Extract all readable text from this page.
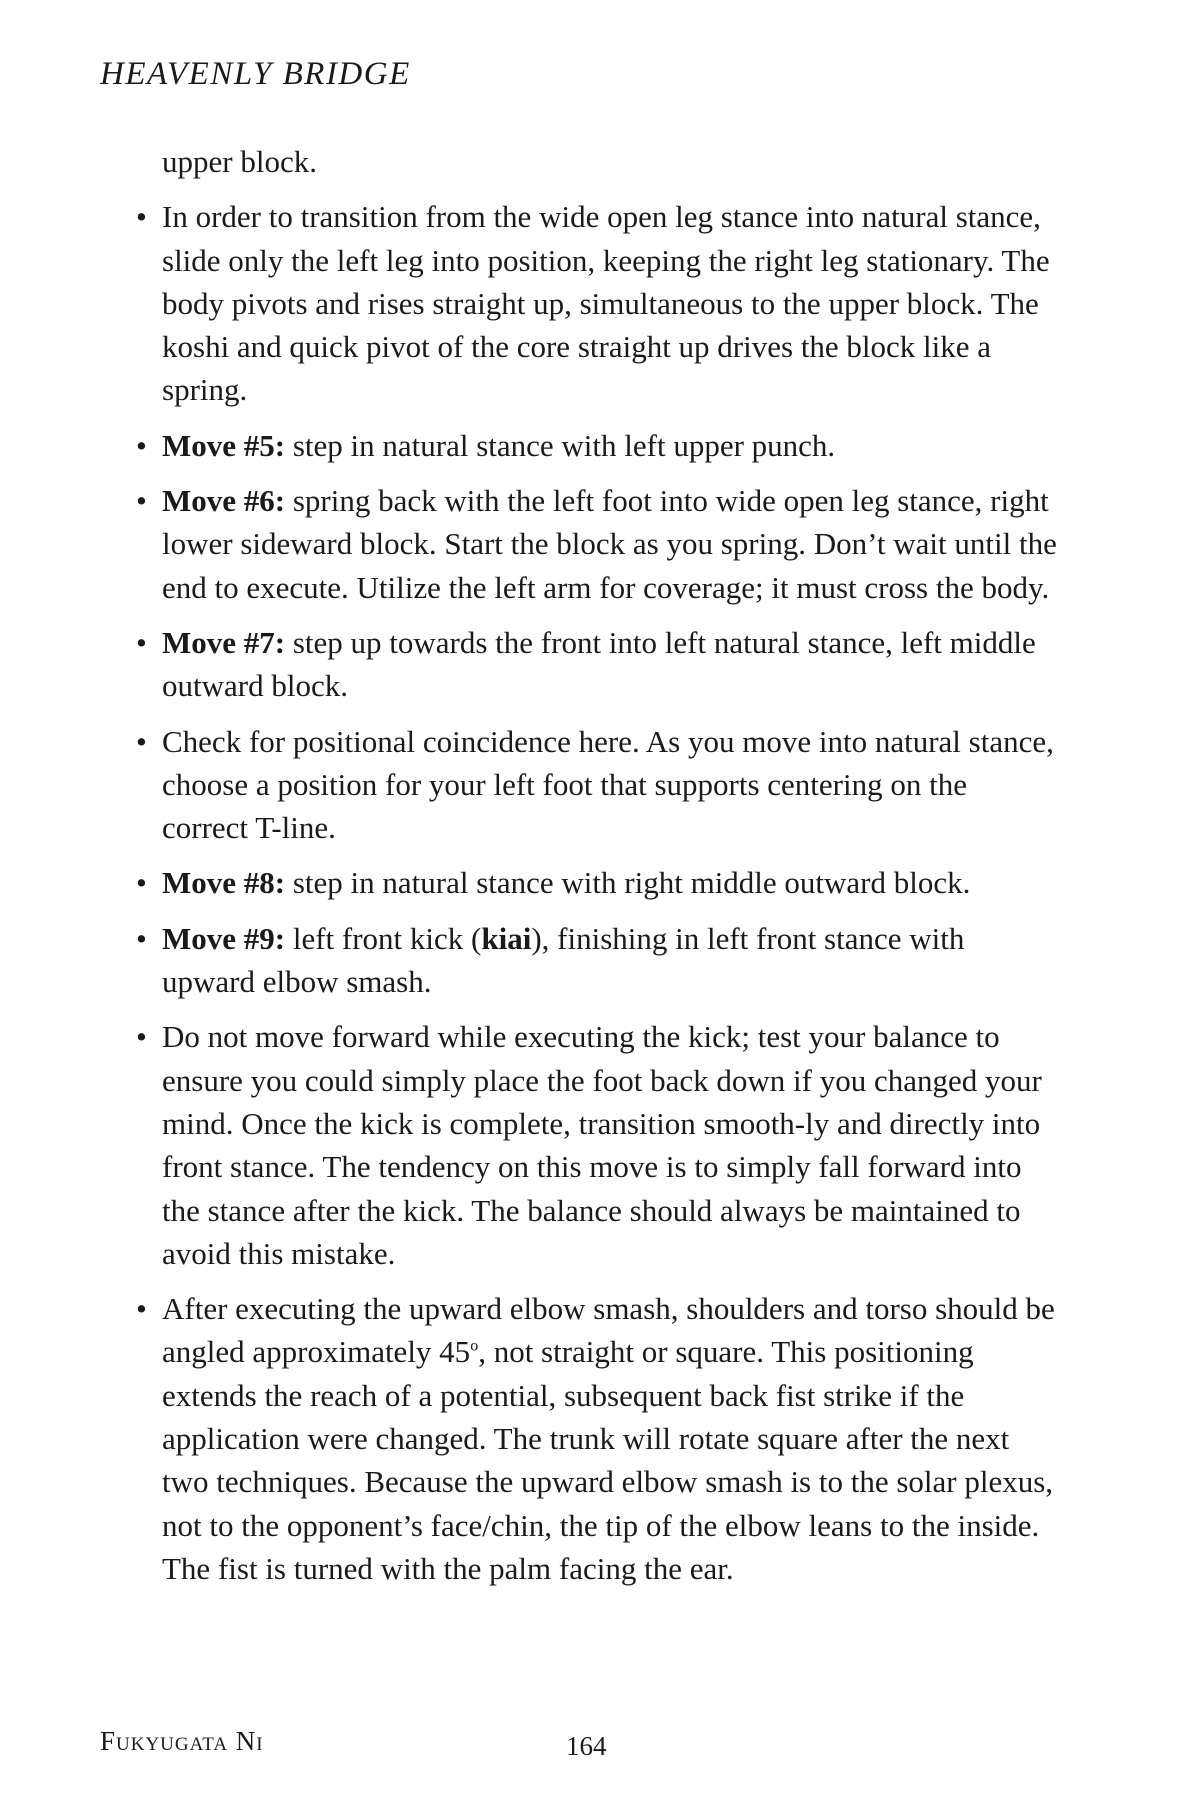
HEAVENLY BRIDGE

upper block.

• In order to transition from the wide open leg stance into natural stance, slide only the left leg into position, keeping the right leg stationary. The body pivots and rises straight up, simultaneous to the upper block. The koshi and quick pivot of the core straight up drives the block like a spring.
• Move #5: step in natural stance with left upper punch.
• Move #6: spring back with the left foot into wide open leg stance, right lower sideward block. Start the block as you spring. Don’t wait until the end to execute. Utilize the left arm for coverage; it must cross the body.
• Move #7: step up towards the front into left natural stance, left middle outward block.
• Check for positional coincidence here. As you move into natural stance, choose a position for your left foot that supports centering on the correct T-line.
• Move #8: step in natural stance with right middle outward block.
• Move #9: left front kick (kiai), finishing in left front stance with upward elbow smash.
• Do not move forward while executing the kick; test your balance to ensure you could simply place the foot back down if you changed your mind. Once the kick is complete, transition smooth-ly and directly into front stance. The tendency on this move is to simply fall forward into the stance after the kick. The balance should always be maintained to avoid this mistake.
• After executing the upward elbow smash, shoulders and torso should be angled approximately 45$^o$, not straight or square. This positioning extends the reach of a potential, subsequent back fist strike if the application were changed. The trunk will rotate square after the next two techniques. Because the upward elbow smash is to the solar plexus, not to the opponent’s face/chin, the tip of the elbow leans to the inside. The fist is turned with the palm facing the ear.
Fukyugata Ni	164
